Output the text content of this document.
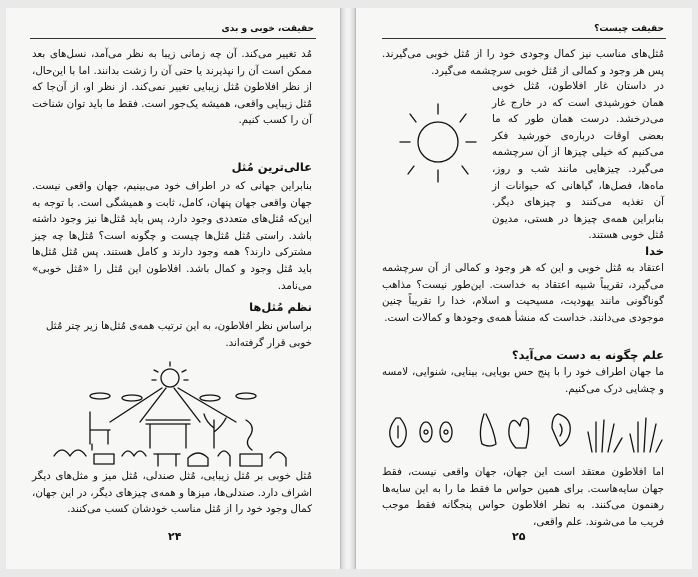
حقیقت، خوبی و بدی

مُد تغییر می‌کند. آن چه زمانی زیبا به نظر می‌آمد، نسل‌های بعد ممکن است آن را نپذیرند یا حتی آن را زشت بدانند. اما با این‌حال، از نظر افلاطون مُثل زیبایی تغییر نمی‌کند. از نظر او، از آن‌جا که مُثل زیبایی واقعی، همیشه یک‌جور است. فقط ما باید توان شناخت آن را کسب کنیم.

عالی‌ترین مُثل

بنابراین جهانی که در اطراف خود می‌بینیم، جهان واقعی نیست. جهان واقعی جهان پنهان، کامل، ثابت و همیشگی است. با توجه به این‌که مُثل‌های متعددی وجود دارد، پس باید مُثل‌ها نیز وجود داشته باشد. راستی مُثل مُثل‌ها چیست و چگونه است؟ مُثل‌ها چه چیز مشترکی دارند؟ همه وجود دارند و کامل هستند. پس مُثل مُثل‌ها باید مُثل وجود و کمال باشد. افلاطون این مُثل را «مُثل خوبی» می‌نامد.

نظم مُثل‌ها

براساس نظر افلاطون، به این ترتیب همه‌ی مُثل‌ها زیر چتر مُثل خوبی قرار گرفته‌اند.

مُثل خوبی بر مُثل زیبایی، مُثل صندلی، مُثل میز و مثل‌های دیگر اشراف دارد. صندلی‌ها، میزها و همه‌ی چیزهای دیگر، در این جهان، کمال وجود خود را از مُثل مناسب خودشان کسب می‌کنند.

۲۴
حقیقت چیست؟

مُثل‌های مناسب نیز کمال وجودی خود را از مُثل خوبی می‌گیرند. پس هر وجود و کمالی از مُثل خوبی سرچشمه می‌گیرد.

در داستان غار افلاطون، مُثل خوبی همان خورشیدی است که در خارج غار می‌درخشد. درست همان طور که ما بعضی اوقات درباره‌ی خورشید فکر می‌کنیم که خیلی چیزها از آن سرچشمه می‌گیرد. چیزهایی مانند شب و روز، ماه‌ها، فصل‌ها، گیاهانی که حیوانات از آن تغذیه می‌کنند و چیزهای دیگر. بنابراین همه‌ی چیزها در هستی، مدیون مُثل خوبی هستند.

خدا

اعتقاد به مُثل خوبی و این که هر وجود و کمالی از آن سرچشمه می‌گیرد، تقریباً شبیه اعتقاد به خداست. این‌طور نیست؟ مذاهب گوناگونی مانند یهودیت، مسیحیت و اسلام، خدا را تقریباً چنین موجودی می‌دانند. خداست که منشأ همه‌ی وجودها و کمالات است.

علم چگونه به دست می‌آید؟

ما جهان اطراف خود را با پنج حس بویایی، بینایی، شنوایی، لامسه و چشایی درک می‌کنیم.

اما افلاطون معتقد است این جهان، جهان واقعی نیست، فقط جهان سایه‌هاست. برای همین حواس ما فقط ما را به این سایه‌ها رهنمون می‌کنند. به نظر افلاطون حواس پنجگانه فقط موجب فریب ما می‌شوند. علم واقعی،

۲۵
